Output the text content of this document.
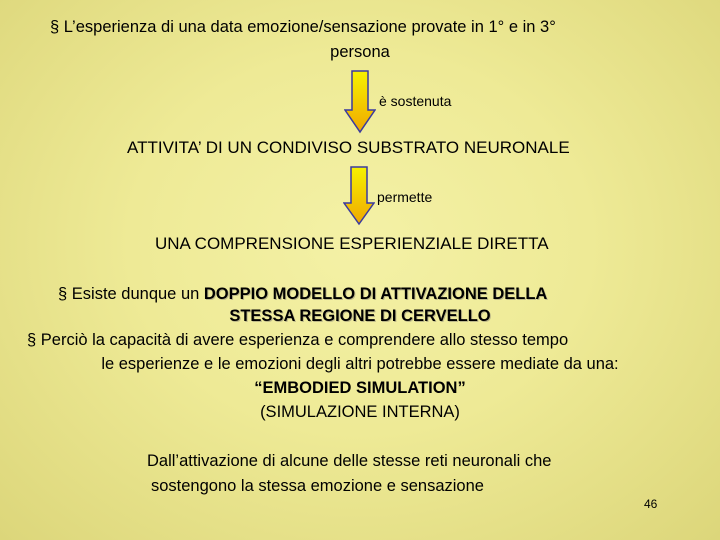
§ L’esperienza di una data emozione/sensazione provate in 1° e in 3°
persona
è sostenuta
ATTIVITA’ DI UN CONDIVISO SUBSTRATO NEURONALE
permette
UNA COMPRENSIONE ESPERIENZIALE DIRETTA
§ Esiste dunque un DOPPIO MODELLO DI ATTIVAZIONE DELLA
STESSA REGIONE DI CERVELLO
§ Perciò la capacità di avere esperienza e comprendere allo stesso tempo
le esperienze e le emozioni degli altri potrebbe essere mediate da una:
“EMBODIED SIMULATION”
(SIMULAZIONE INTERNA)
Dall’attivazione di alcune delle stesse reti neuronali che
sostengono la stessa emozione e sensazione
46
